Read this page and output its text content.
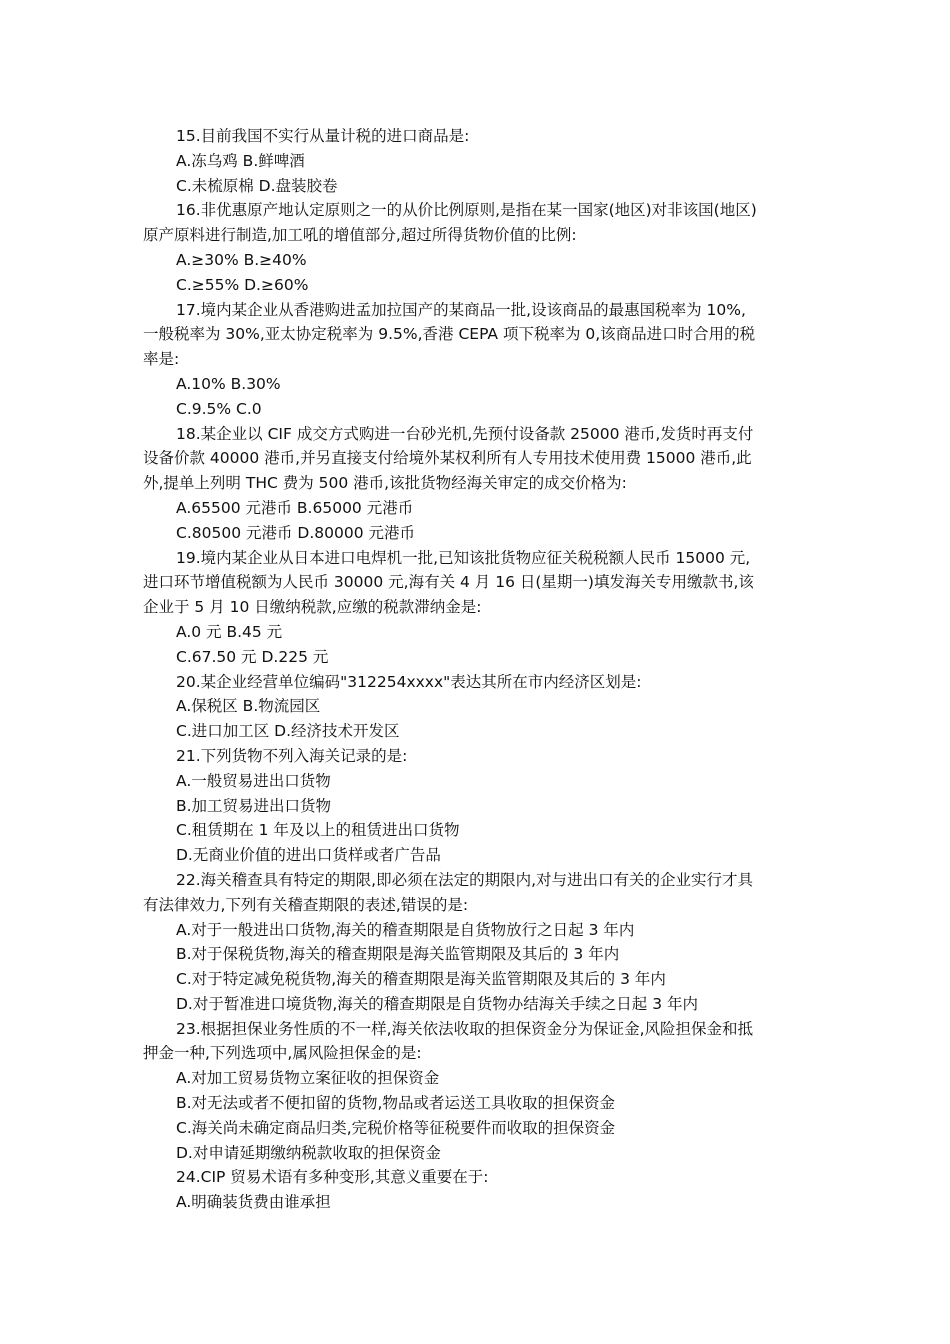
15.目前我国不实行从量计税的进口商品是:
A.冻乌鸡 B.鲜啤酒
C.未梳原棉 D.盘装胶卷
16.非优惠原产地认定原则之一的从价比例原则,是指在某一国家(地区)对非该国(地区)
原产原料进行制造,加工吼的增值部分,超过所得货物价值的比例:
A.≥30% B.≥40%
C.≥55% D.≥60%
17.境内某企业从香港购进孟加拉国产的某商品一批,设该商品的最惠国税率为 10%,
一般税率为 30%,亚太协定税率为 9.5%,香港 CEPA 项下税率为 0,该商品进口时合用的税
率是:
A.10% B.30%
C.9.5% C.0
18.某企业以 CIF 成交方式购进一台砂光机,先预付设备款 25000 港币,发货时再支付
设备价款 40000 港币,并另直接支付给境外某权利所有人专用技术使用费 15000 港币,此
外,提单上列明 THC 费为 500 港币,该批货物经海关审定的成交价格为:
A.65500 元港币 B.65000 元港币
C.80500 元港币 D.80000 元港币
19.境内某企业从日本进口电焊机一批,已知该批货物应征关税税额人民币 15000 元,
进口环节增值税额为人民币 30000 元,海有关 4 月 16 日(星期一)填发海关专用缴款书,该
企业于 5 月 10 日缴纳税款,应缴的税款滞纳金是:
A.0 元 B.45 元
C.67.50 元 D.225 元
20.某企业经营单位编码"312254xxxx"表达其所在市内经济区划是:
A.保税区 B.物流园区
C.进口加工区 D.经济技术开发区
21.下列货物不列入海关记录的是:
A.一般贸易进出口货物
B.加工贸易进出口货物
C.租赁期在 1 年及以上的租赁进出口货物
D.无商业价值的进出口货样或者广告品
22.海关稽查具有特定的期限,即必须在法定的期限内,对与进出口有关的企业实行才具
有法律效力,下列有关稽查期限的表述,错误的是:
A.对于一般进出口货物,海关的稽查期限是自货物放行之日起 3 年内
B.对于保税货物,海关的稽查期限是海关监管期限及其后的 3 年内
C.对于特定减免税货物,海关的稽查期限是海关监管期限及其后的 3 年内
D.对于暂准进口境货物,海关的稽查期限是自货物办结海关手续之日起 3 年内
23.根据担保业务性质的不一样,海关依法收取的担保资金分为保证金,风险担保金和抵
押金一种,下列选项中,属风险担保金的是:
A.对加工贸易货物立案征收的担保资金
B.对无法或者不便扣留的货物,物品或者运送工具收取的担保资金
C.海关尚未确定商品归类,完税价格等征税要件而收取的担保资金
D.对申请延期缴纳税款收取的担保资金
24.CIP 贸易术语有多种变形,其意义重要在于:
A.明确装货费由谁承担
